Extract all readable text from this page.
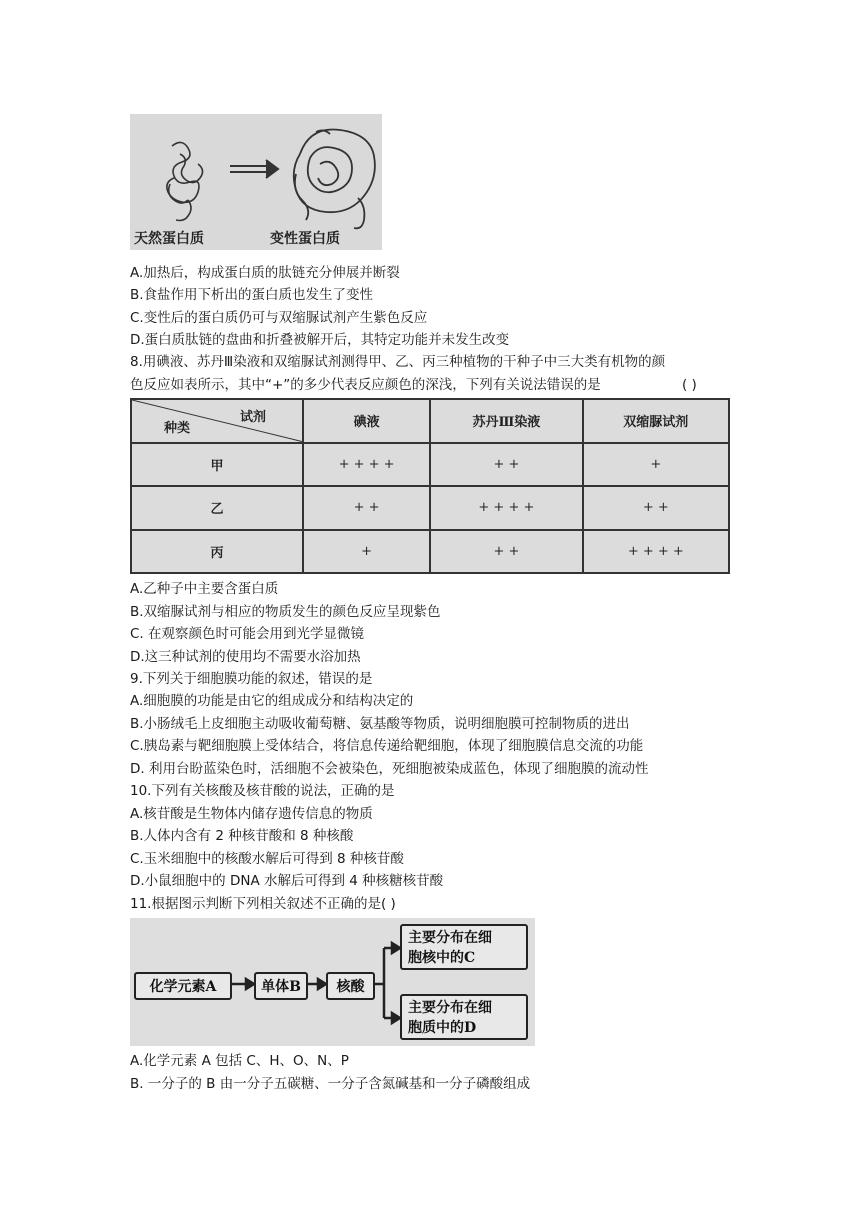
天然蛋白质	变性蛋白质
A.加热后，构成蛋白质的肽链充分伸展并断裂
B.食盐作用下析出的蛋白质也发生了变性
C.变性后的蛋白质仍可与双缩脲试剂产生紫色反应
D.蛋白质肽链的盘曲和折叠被解开后，其特定功能并未发生改变
8.用碘液、苏丹Ⅲ染液和双缩脲试剂测得甲、乙、丙三种植物的干种子中三大类有机物的颜
色反应如表所示，其中“+”的多少代表反应颜色的深浅，下列有关说法错误的是	( )
试剂
种类	碘液	苏丹Ⅲ染液	双缩脲试剂
甲	+ + + +	+ +	+
乙	+ +	+ + + +	+ +
丙	+	+ +	+ + + +
A.乙种子中主要含蛋白质
B.双缩脲试剂与相应的物质发生的颜色反应呈现紫色
C. 在观察颜色时可能会用到光学显微镜
D.这三种试剂的使用均不需要水浴加热
9.下列关于细胞膜功能的叙述，错误的是
A.细胞膜的功能是由它的组成成分和结构决定的
B.小肠绒毛上皮细胞主动吸收葡萄糖、氨基酸等物质，说明细胞膜可控制物质的进出
C.胰岛素与靶细胞膜上受体结合，将信息传递给靶细胞，体现了细胞膜信息交流的功能
D. 利用台盼蓝染色时，活细胞不会被染色，死细胞被染成蓝色，体现了细胞膜的流动性
10.下列有关核酸及核苷酸的说法，正确的是
A.核苷酸是生物体内储存遗传信息的物质
B.人体内含有 2 种核苷酸和 8 种核酸
C.玉米细胞中的核酸水解后可得到 8 种核苷酸
D.小鼠细胞中的 DNA 水解后可得到 4 种核糖核苷酸
11.根据图示判断下列相关叙述不正确的是( )
化学元素A	单体B	核酸
主要分布在细
胞核中的C
主要分布在细
胞质中的D
A.化学元素 A 包括 C、H、O、N、P
B. 一分子的 B 由一分子五碳糖、一分子含氮碱基和一分子磷酸组成
